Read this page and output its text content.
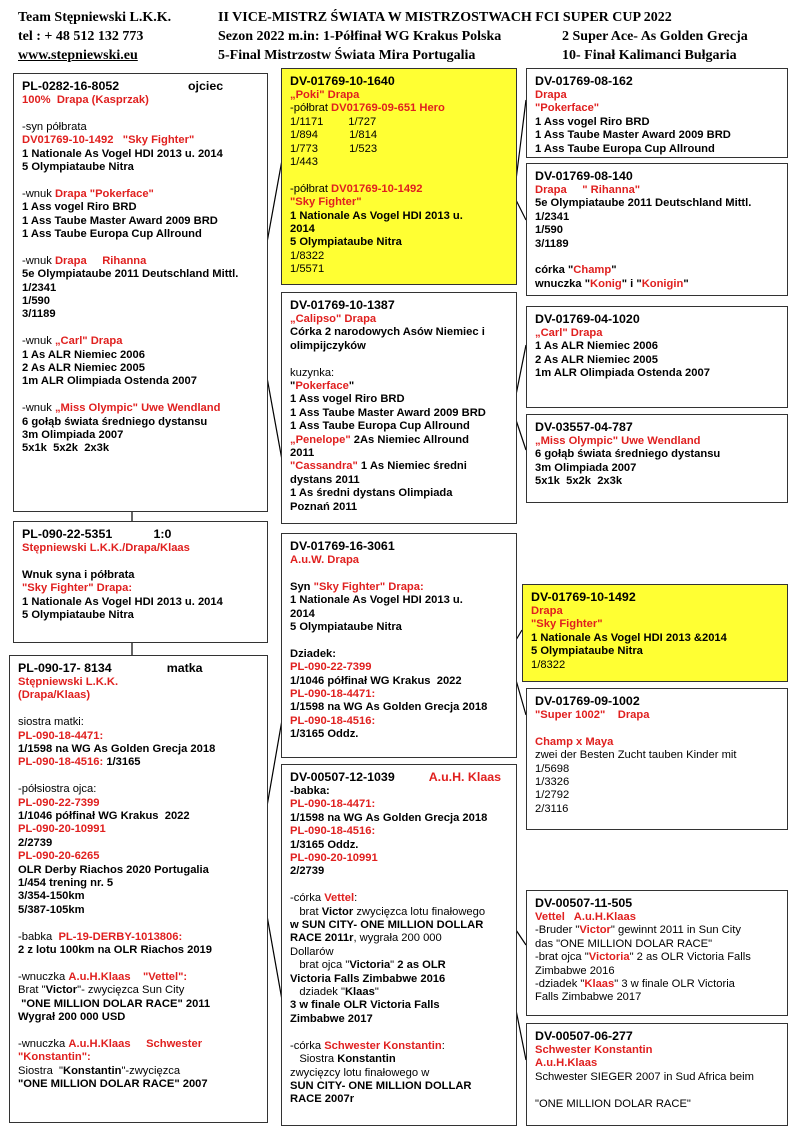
Team Stępniewski L.K.K.	II VICE-MISTRZ ŚWIATA W MISTRZOSTWACH FCI SUPER CUP 2022
tel : + 48 512 132 773	Sezon 2022 m.in: 1-Półfinał WG Krakus Polska	2 Super Ace- As Golden Grecja
www.stepniewski.eu	5-Final Mistrzostw Świata Mira Portugalia	10- Finał Kalimanci Bułgaria
PL-0282-16-8052                    ojciec
100%  Drapa (Kasprzak)
-syn półbrata
DV01769-10-1492   "Sky Fighter"
1 Nationale As Vogel HDI 2013 u. 2014
5 Olympiataube Nitra
-wnuk Drapa "Pokerface"
1 Ass vogel Riro BRD
1 Ass Taube Master Award 2009 BRD
1 Ass Taube Europa Cup Allround
-wnuk Drapa     Rihanna
5e Olympiataube 2011 Deutschland Mittl.
1/2341
1/590
3/1189
-wnuk „Carl" Drapa
1 As ALR Niemiec 2006
2 As ALR Niemiec 2005
1m ALR Olimpiada Ostenda 2007
-wnuk „Miss Olympic" Uwe Wendland
6 gołąb świata średniego dystansu
3m Olimpiada 2007
5x1k  5x2k  2x3k
PL-090-22-5351            1:0
Stępniewski L.K.K./Drapa/Klaas
Wnuk syna i półbrata
"Sky Fighter" Drapa:
1 Nationale As Vogel HDI 2013 u. 2014
5 Olympiataube Nitra
PL-090-17- 8134                matka
Stępniewski L.K.K.
(Drapa/Klaas)
siostra matki:
PL-090-18-4471:
1/1598 na WG As Golden Grecja 2018
PL-090-18-4516: 1/3165
-półsiostra ojca:
PL-090-22-7399
1/1046 półfinał WG Krakus  2022
PL-090-20-10991
2/2739
PL-090-20-6265
OLR Derby Riachos 2020 Portugalia
1/454 trening nr. 5
3/354-150km
5/387-105km
-babka  PL-19-DERBY-1013806:
2 z lotu 100km na OLR Riachos 2019
-wnuczka A.u.H.Klaas    "Vettel":
Brat "Victor"- zwycięzca Sun City
"ONE MILLION DOLAR RACE" 2011
Wygrał 200 000 USD
-wnuczka A.u.H.Klaas     Schwester
"Konstantin":
Siostra  "Konstantin"-zwycięzca
"ONE MILLION DOLAR RACE" 2007
DV-01769-10-1640
„Poki" Drapa
-półbrat DV01769-09-651 Hero
1/1171        1/727
1/894          1/814
1/773          1/523
1/443
-półbrat DV01769-10-1492
"Sky Fighter"
1 Nationale As Vogel HDI 2013 u.
2014
5 Olympiataube Nitra
1/8322
1/5571
DV-01769-10-1387
„Calipso" Drapa
Córka 2 narodowych Asów Niemiec i
olimpijczyków
kuzynka:
"Pokerface"
1 Ass vogel Riro BRD
1 Ass Taube Master Award 2009 BRD
1 Ass Taube Europa Cup Allround
„Penelope" 2As Niemiec Allround
2011
"Cassandra" 1 As Niemiec średni
dystans 2011
1 As średni dystans Olimpiada
Poznań 2011
DV-01769-16-3061
A.u.W. Drapa
Syn "Sky Fighter" Drapa:
1 Nationale As Vogel HDI 2013 u.
2014
5 Olympiataube Nitra
Dziadek:
PL-090-22-7399
1/1046 półfinał WG Krakus  2022
PL-090-18-4471:
1/1598 na WG As Golden Grecja 2018
PL-090-18-4516:
1/3165 Oddz.
DV-00507-12-1039          A.u.H. Klaas
-babka:
PL-090-18-4471:
1/1598 na WG As Golden Grecja 2018
PL-090-18-4516:
1/3165 Oddz.
PL-090-20-10991
2/2739
-córka Vettel:
brat Victor zwycięzca lotu finałowego
w SUN CITY- ONE MILLION DOLLAR
RACE 2011r, wygrała 200 000
Dollarów
brat ojca "Victoria" 2 as OLR
Victoria Falls Zimbabwe 2016
dziadek "Klaas"
3 w finale OLR Victoria Falls
Zimbabwe 2017
-córka Schwester Konstantin:
Siostra Konstantin
zwycięzcy lotu finałowego w
SUN CITY- ONE MILLION DOLLAR
RACE 2007r
DV-01769-08-162
Drapa
"Pokerface"
1 Ass vogel Riro BRD
1 Ass Taube Master Award 2009 BRD
1 Ass Taube Europa Cup Allround
DV-01769-08-140
Drapa     " Rihanna"
5e Olympiataube 2011 Deutschland Mittl.
1/2341
1/590
3/1189
córka "Champ"
wnuczka "Konig" i "Konigin"
DV-01769-04-1020
„Carl" Drapa
1 As ALR Niemiec 2006
2 As ALR Niemiec 2005
1m ALR Olimpiada Ostenda 2007
DV-03557-04-787
„Miss Olympic" Uwe Wendland
6 gołąb świata średniego dystansu
3m Olimpiada 2007
5x1k  5x2k  2x3k
DV-01769-10-1492
Drapa
"Sky Fighter"
1 Nationale As Vogel HDI 2013 &2014
5 Olympiataube Nitra
1/8322
DV-01769-09-1002
"Super 1002"    Drapa
Champ x Maya
zwei der Besten Zucht tauben Kinder mit
1/5698
1/3326
1/2792
2/3116
DV-00507-11-505
Vettel   A.u.H.Klaas
-Bruder "Victor" gewinnt 2011 in Sun City
das "ONE MILLION DOLAR RACE"
-brat ojca "Victoria" 2 as OLR Victoria Falls
Zimbabwe 2016
-dziadek "Klaas" 3 w finale OLR Victoria
Falls Zimbabwe 2017
DV-00507-06-277
Schwester Konstantin
A.u.H.Klaas
Schwester SIEGER 2007 in Sud Africa beim
"ONE MILLION DOLAR RACE"
